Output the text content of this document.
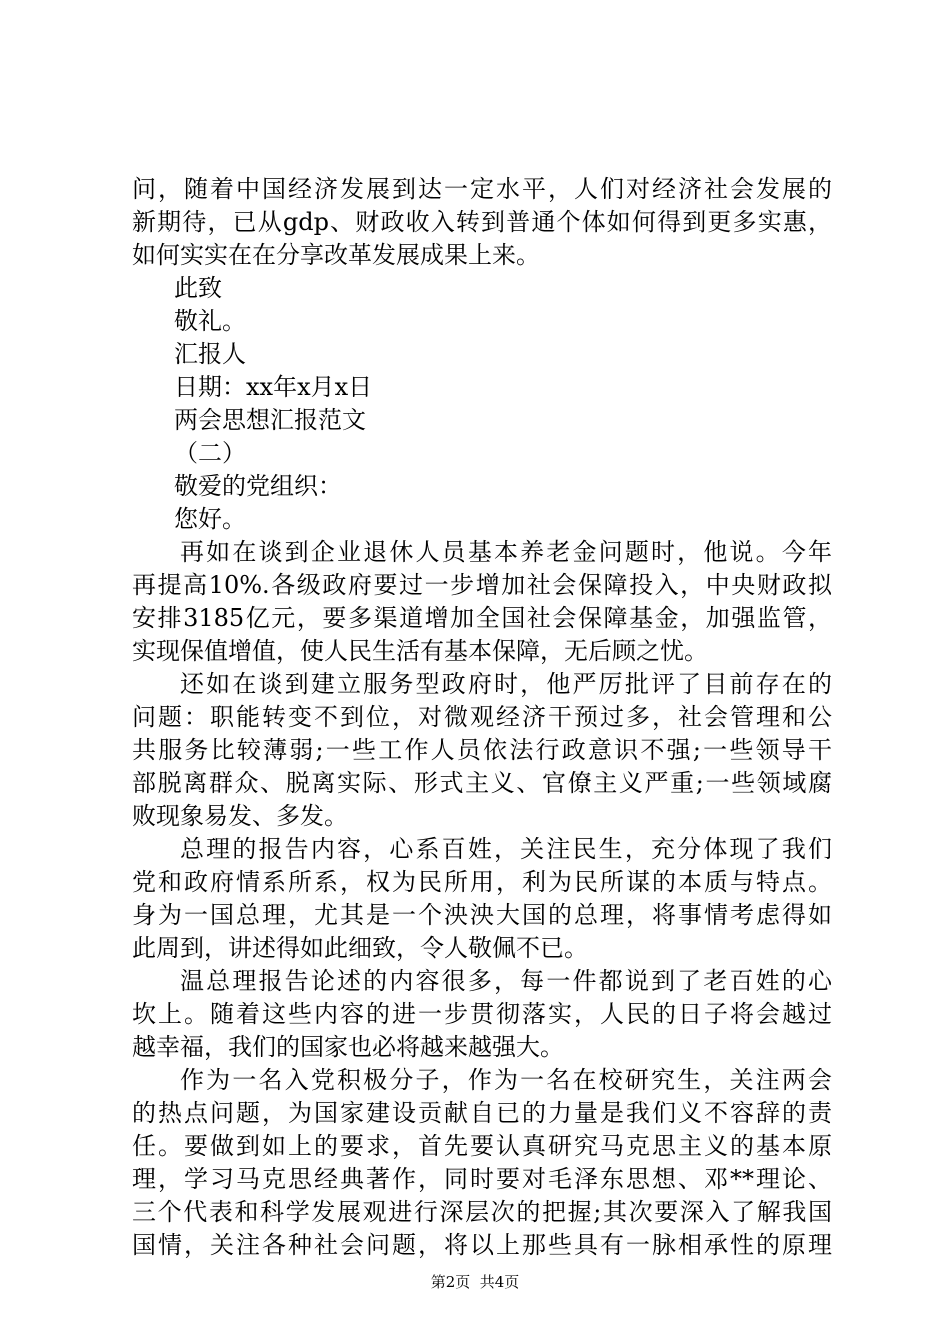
问，随着中国经济发展到达一定水平，人们对经济社会发展的
新期待，已从gdp、财政收入转到普通个体如何得到更多实惠，
如何实实在在分享改革发展成果上来。
此致
敬礼。
汇报人
日期：xx年x月x日
两会思想汇报范文
（二）
敬爱的党组织：
您好。
再如在谈到企业退休人员基本养老金问题时，他说。今年
再提高10%.各级政府要过一步增加社会保障投入，中央财政拟
安排3185亿元，要多渠道增加全国社会保障基金，加强监管，
实现保值增值，使人民生活有基本保障，无后顾之忧。
还如在谈到建立服务型政府时，他严厉批评了目前存在的
问题：职能转变不到位，对微观经济干预过多，社会管理和公
共服务比较薄弱;一些工作人员依法行政意识不强;一些领导干
部脱离群众、脱离实际、形式主义、官僚主义严重;一些领域腐
败现象易发、多发。
总理的报告内容，心系百姓，关注民生，充分体现了我们
党和政府情系所系，权为民所用，利为民所谋的本质与特点。
身为一国总理，尤其是一个泱泱大国的总理，将事情考虑得如
此周到，讲述得如此细致，令人敬佩不已。
温总理报告论述的内容很多，每一件都说到了老百姓的心
坎上。随着这些内容的进一步贯彻落实，人民的日子将会越过
越幸福，我们的国家也必将越来越强大。
作为一名入党积极分子，作为一名在校研究生，关注两会
的热点问题，为国家建设贡献自已的力量是我们义不容辞的责
任。要做到如上的要求，首先要认真研究马克思主义的基本原
理，学习马克思经典著作，同时要对毛泽东思想、邓**理论、
三个代表和科学发展观进行深层次的把握;其次要深入了解我国
国情，关注各种社会问题，将以上那些具有一脉相承性的原理
第2页  共4页
